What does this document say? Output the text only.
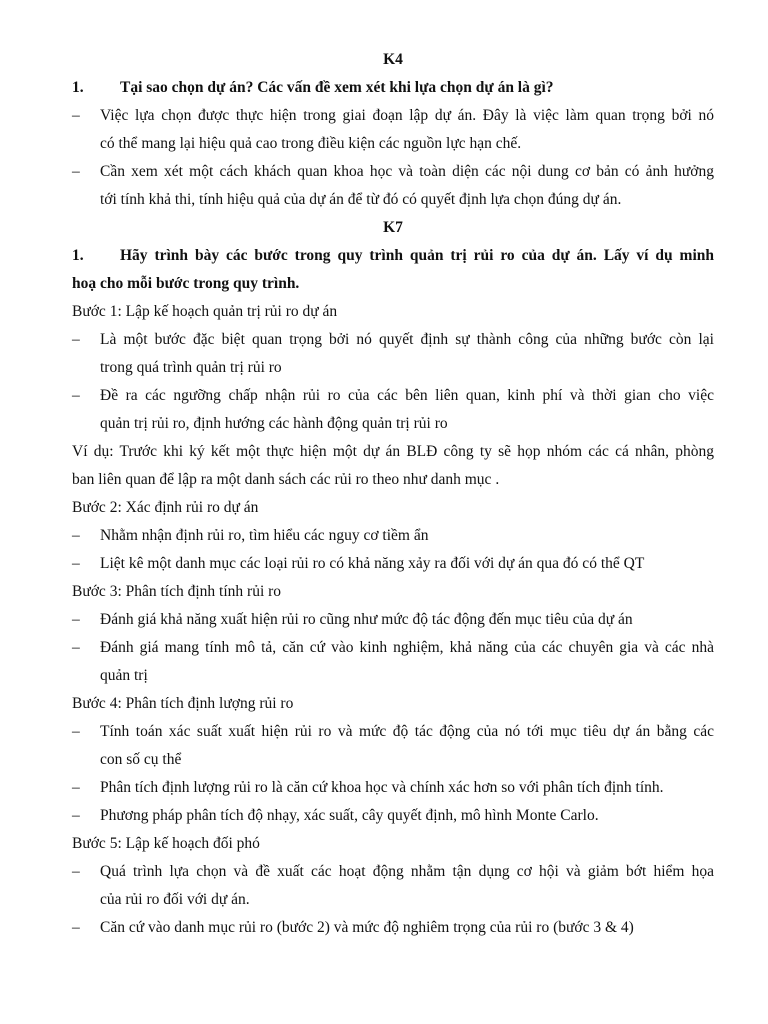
K4
1. Tại sao chọn dự án? Các vấn đề xem xét khi lựa chọn dự án là gì?
– Việc lựa chọn được thực hiện trong giai đoạn lập dự án. Đây là việc làm quan trọng bởi nó
có thể mang lại hiệu quả cao trong điều kiện các nguồn lực hạn chế.
– Cần xem xét một cách khách quan khoa học và toàn diện các nội dung cơ bản có ảnh hưởng
tới tính khả thi, tính hiệu quả của dự án để từ đó có quyết định lựa chọn đúng dự án.
K7
1. Hãy trình bày các bước trong quy trình quản trị rủi ro của dự án. Lấy ví dụ minh
hoạ cho mỗi bước trong quy trình.
Bước 1: Lập kế hoạch quản trị rủi ro dự án
– Là một bước đặc biệt quan trọng bởi nó quyết định sự thành công của những bước còn lại
trong quá trình quản trị rủi ro
– Đề ra các ngưỡng chấp nhận rủi ro của các bên liên quan, kinh phí và thời gian cho việc
quản trị rủi ro, định hướng các hành động quản trị rủi ro
Ví dụ: Trước khi ký kết một thực hiện một dự án BLĐ công ty sẽ họp nhóm các cá nhân, phòng
ban liên quan để lập ra một danh sách các rủi ro theo như danh mục .
Bước 2: Xác định rủi ro dự án
– Nhằm nhận định rủi ro, tìm hiểu các nguy cơ tiềm ẩn
– Liệt kê một danh mục các loại rủi ro có khả năng xảy ra đối với dự án qua đó có thể QT
Bước 3: Phân tích định tính rủi ro
– Đánh giá khả năng xuất hiện rủi ro cũng như mức độ tác động đến mục tiêu của dự án
– Đánh giá mang tính mô tả, căn cứ vào kinh nghiệm, khả năng của các chuyên gia và các nhà
quản trị
Bước 4: Phân tích định lượng rủi ro
– Tính toán xác suất xuất hiện rủi ro và mức độ tác động của nó tới mục tiêu dự án bằng các
con số cụ thể
– Phân tích định lượng rủi ro là căn cứ khoa học và chính xác hơn so với phân tích định tính.
– Phương pháp phân tích độ nhạy, xác suất, cây quyết định, mô hình Monte Carlo.
Bước 5: Lập kế hoạch đối phó
– Quá trình lựa chọn và đề xuất các hoạt động nhằm tận dụng cơ hội và giảm bớt hiểm họa
của rủi ro đối với dự án.
– Căn cứ vào danh mục rủi ro (bước 2) và mức độ nghiêm trọng của rủi ro (bước 3 & 4)
